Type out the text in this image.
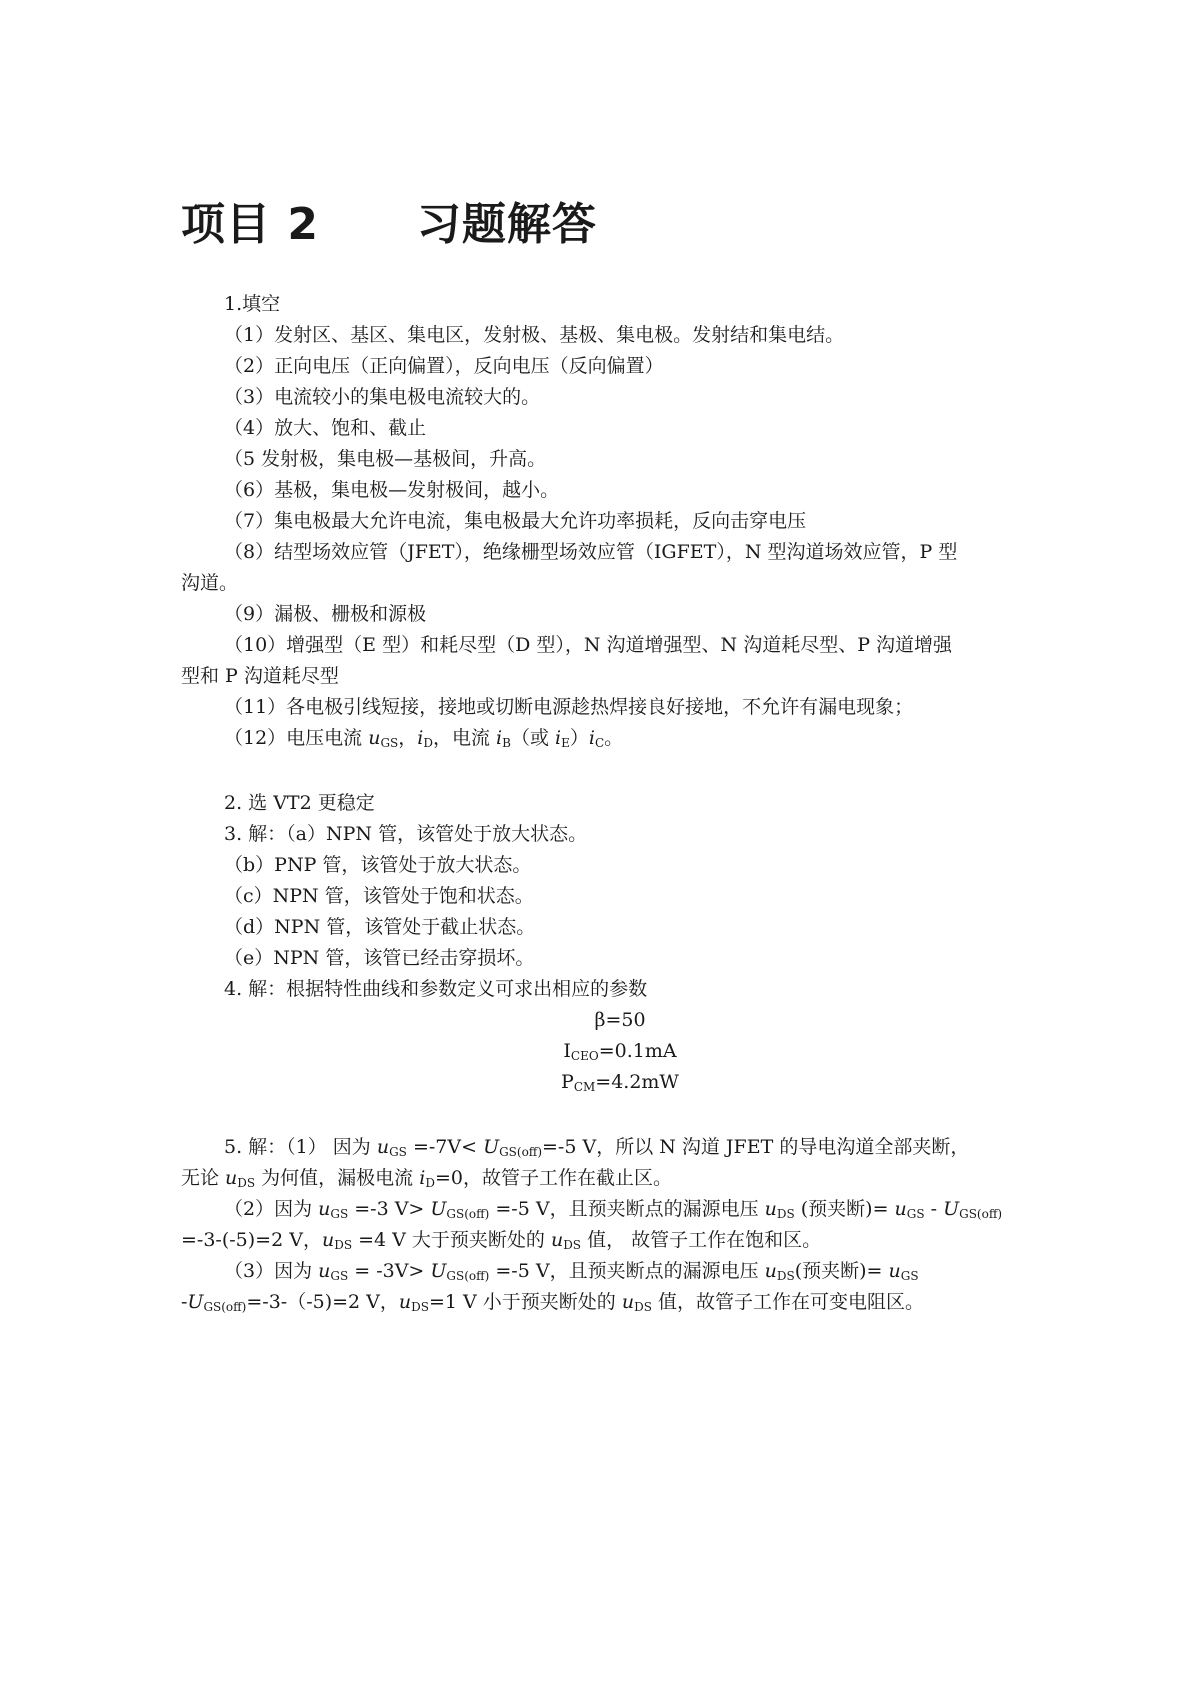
项目 2      习题解答
1.填空
（1）发射区、基区、集电区，发射极、基极、集电极。发射结和集电结。
（2）正向电压（正向偏置），反向电压（反向偏置）
（3）电流较小的集电极电流较大的。
（4）放大、饱和、截止
（5 发射极，集电极—基极间，升高。
（6）基极，集电极—发射极间，越小。
（7）集电极最大允许电流，集电极最大允许功率损耗，反向击穿电压
（8）结型场效应管（JFET），绝缘栅型场效应管（IGFET），N 型沟道场效应管，P 型
沟道。
（9）漏极、栅极和源极
（10）增强型（E 型）和耗尽型（D 型），N 沟道增强型、N 沟道耗尽型、P 沟道增强
型和 P 沟道耗尽型
（11）各电极引线短接，接地或切断电源趁热焊接良好接地，不允许有漏电现象；
（12）电压电流 $u_{GS}$，$i_D$，电流 $i_B$（或 $i_E)i_C$。
2. 选 VT2 更稳定
3. 解：（a）NPN 管，该管处于放大状态。
（b）PNP 管，该管处于放大状态。
（c）NPN 管，该管处于饱和状态。
（d）NPN 管，该管处于截止状态。
（e）NPN 管，该管已经击穿损坏。
4. 解：根据特性曲线和参数定义可求出相应的参数
β=50
$I_{CEO}=0.1mA$
$P_{CM}=4.2mW$
5. 解：（1） 因为 $u_{GS} =-7V< U_{GS(off)}=-5$ V，所以 N 沟道 JFET 的导电沟道全部夹断，
无论 $u_{DS}$ 为何值，漏极电流 $i_D=0$，故管子工作在截止区。
（2）因为 $u_{GS} =-3$ $V> U_{GS(off)} =-5$ V，且预夹断点的漏源电压 $u_{DS}$ (预夹断)= $u_{GS} - U_{GS(off)}$
=-3-(-5)=2 V，$u_{DS} =4$ V 大于预夹断处的 $u_{DS}$ 值， 故管子工作在饱和区。
（3）因为 $u_{GS} = -3V> U_{GS(off)} =-5$ V，且预夹断点的漏源电压 $u_{DS}$(预夹断)= $u_{GS}$
$-U_{GS(off)}=-3-(-5)=2$ V，$u_{DS}=1$ V 小于预夹断处的 $u_{DS}$ 值，故管子工作在可变电阻区。
